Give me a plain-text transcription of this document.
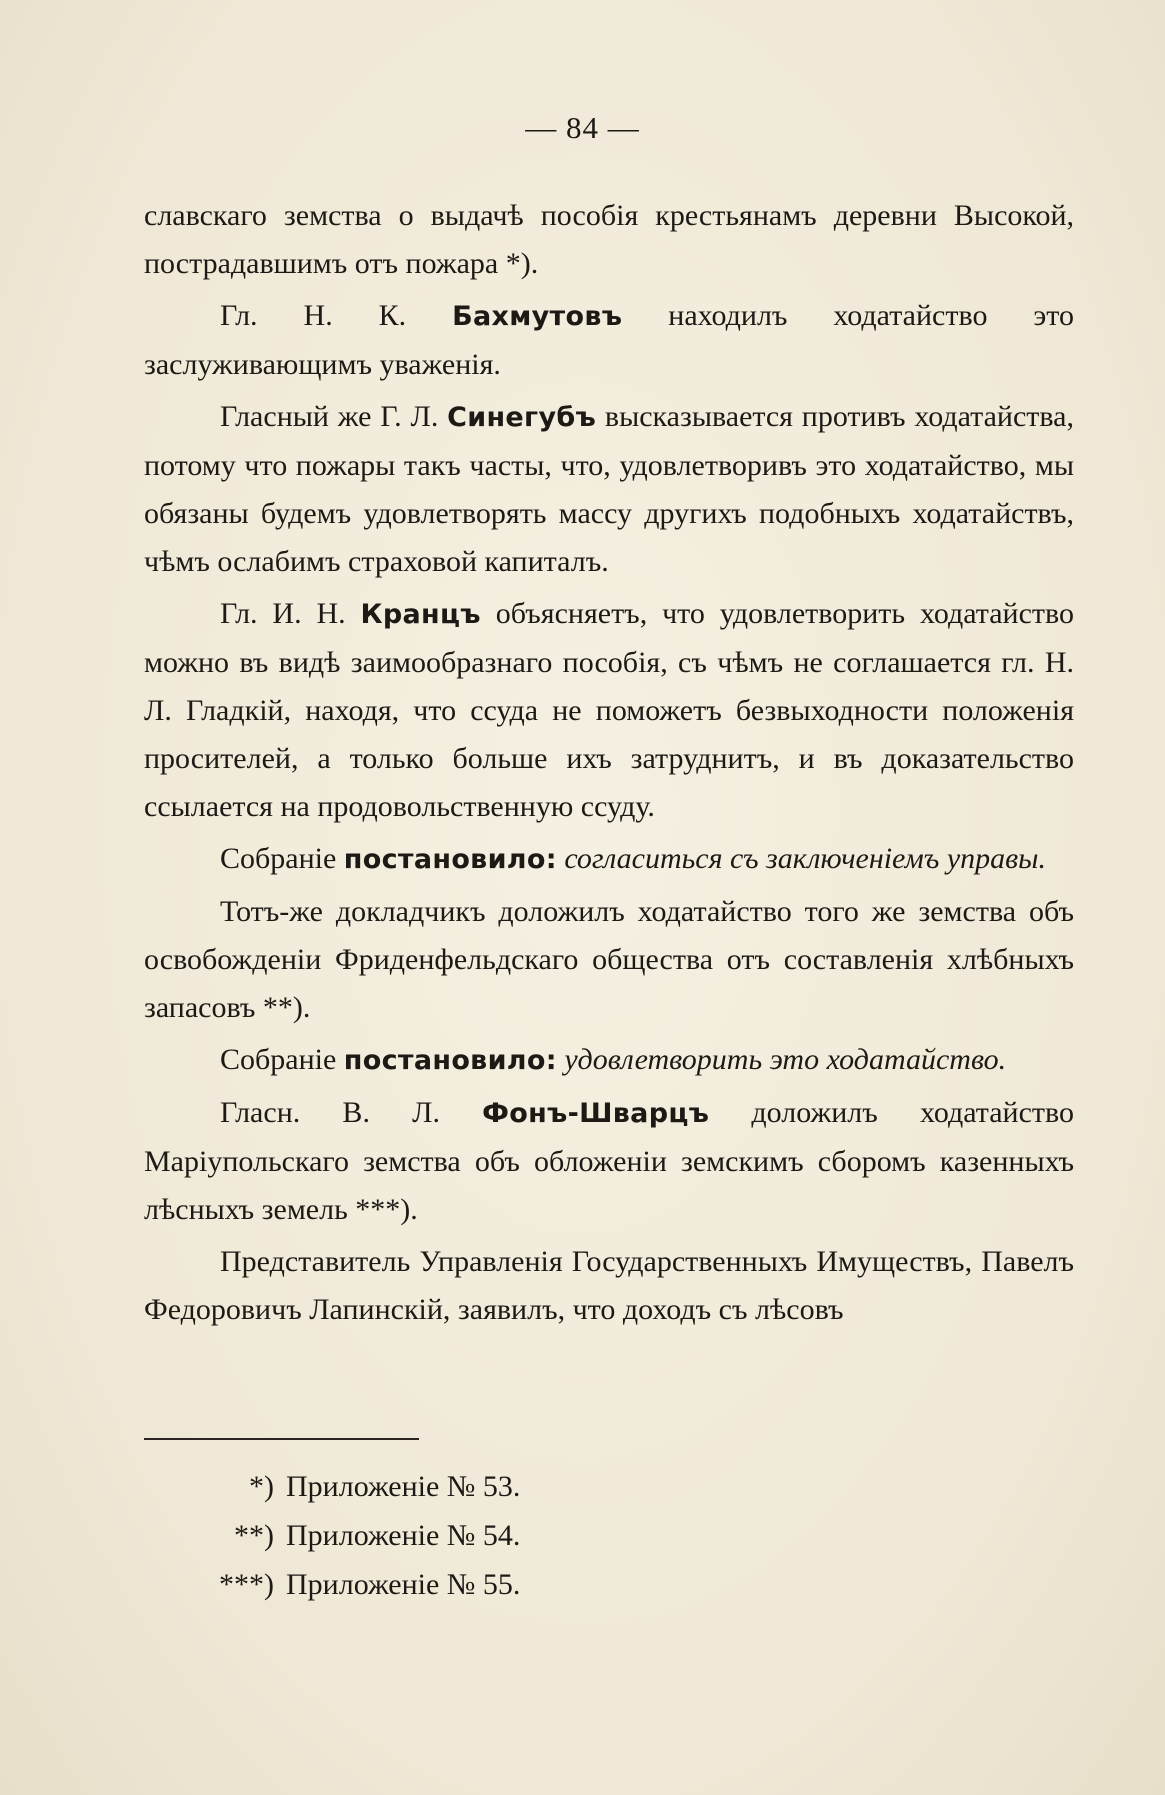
— 84 —

славскаго земства о выдачѣ пособія крестьянамъ деревни Высокой, пострадавшимъ отъ пожара *).

Гл. Н. К. Бахмутовъ находилъ ходатайство это заслуживающимъ уваженія.

Гласный же Г. Л. Синегубъ высказывается противъ ходатайства, потому что пожары такъ часты, что, удовлетворивъ это ходатайство, мы обязаны будемъ удовлетворять массу другихъ подобныхъ ходатайствъ, чѣмъ ослабимъ страховой капиталъ.

Гл. И. Н. Кранцъ объясняетъ, что удовлетворить ходатайство можно въ видѣ заимообразнаго пособія, съ чѣмъ не соглашается гл. Н. Л. Гладкій, находя, что ссуда не поможетъ безвыходности положенія просителей, а только больше ихъ затруднитъ, и въ доказательство ссылается на продовольственную ссуду.

Собраніе постановило: согласиться съ заключеніемъ управы.

Тотъ-же докладчикъ доложилъ ходатайство того же земства объ освобожденіи Фриденфельдскаго общества отъ составленія хлѣбныхъ запасовъ **).

Собраніе постановило: удовлетворить это ходатайство.

Гласн. В. Л. Фонъ-Шварцъ доложилъ ходатайство Маріупольскаго земства объ обложеніи земскимъ сборомъ казенныхъ лѣсныхъ земель ***).

Представитель Управленія Государственныхъ Имуществъ, Павелъ Федоровичъ Лапинскій, заявилъ, что доходъ съ лѣсовъ

*) Приложеніе № 53.
**) Приложеніе № 54.
***) Приложеніе № 55.
